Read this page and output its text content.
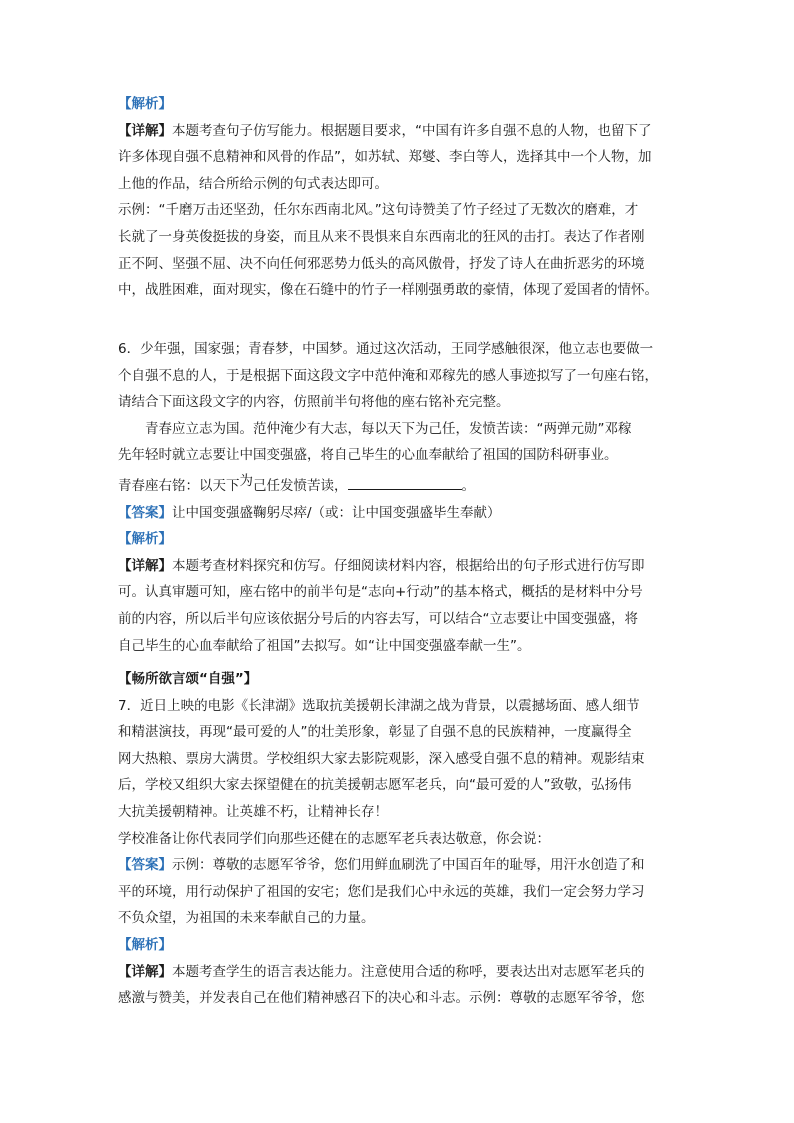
【解析】
【详解】本题考查句子仿写能力。根据题目要求，“中国有许多自强不息的人物，也留下了
许多体现自强不息精神和风骨的作品”，如苏轼、郑燮、李白等人，选择其中一个人物，加
上他的作品，结合所给示例的句式表达即可。
示例：“千磨万击还坚劲，任尔东西南北风。”这句诗赞美了竹子经过了无数次的磨难，才
长就了一身英俊挺拔的身姿，而且从来不畏惧来自东西南北的狂风的击打。表达了作者刚
正不阿、坚强不屈、决不向任何邪恶势力低头的高风傲骨，抒发了诗人在曲折恶劣的环境
中，战胜困难，面对现实，像在石缝中的竹子一样刚强勇敢的豪情，体现了爱国者的情怀。
6．少年强，国家强；青春梦，中国梦。通过这次活动，王同学感触很深，他立志也要做一
个自强不息的人，于是根据下面这段文字中范仲淹和邓稼先的感人事迹拟写了一句座右铭，
请结合下面这段文字的内容，仿照前半句将他的座右铭补充完整。
青春应立志为国。范仲淹少有大志，每以天下为己任，发愤苦读：“两弹元勋”邓稼
先年轻时就立志要让中国变强盛，将自己毕生的心血奉献给了祖国的国防科研事业。
青春座右铭：以天下为己任发愤苦读，	。
【答案】让中国变强盛鞠躬尽瘁/（或：让中国变强盛毕生奉献）
【解析】
【详解】本题考查材料探究和仿写。仔细阅读材料内容，根据给出的句子形式进行仿写即
可。认真审题可知，座右铭中的前半句是“志向+行动”的基本格式，概括的是材料中分号
前的内容，所以后半句应该依据分号后的内容去写，可以结合“立志要让中国变强盛，将
自己毕生的心血奉献给了祖国”去拟写。如“让中国变强盛奉献一生”。
【畅所欲言颂“自强”】
7．近日上映的电影《长津湖》选取抗美援朝长津湖之战为背景，以震撼场面、感人细节
和精湛演技，再现“最可爱的人”的壮美形象，彰显了自强不息的民族精神，一度赢得全
网大热粮、票房大满贯。学校组织大家去影院观影，深入感受自强不息的精神。观影结束
后，学校又组织大家去探望健在的抗美援朝志愿军老兵，向“最可爱的人”致敬，弘扬伟
大抗美援朝精神。让英雄不朽，让精神长存！
学校准备让你代表同学们向那些还健在的志愿军老兵表达敬意，你会说：
【答案】示例：尊敬的志愿军爷爷，您们用鲜血刷洗了中国百年的耻辱，用汗水创造了和
平的环境，用行动保护了祖国的安宅；您们是我们心中永远的英雄，我们一定会努力学习
不负众望，为祖国的未来奉献自己的力量。
【解析】
【详解】本题考查学生的语言表达能力。注意使用合适的称呼，要表达出对志愿军老兵的
感激与赞美，并发表自己在他们精神感召下的决心和斗志。示例：尊敬的志愿军爷爷，您
